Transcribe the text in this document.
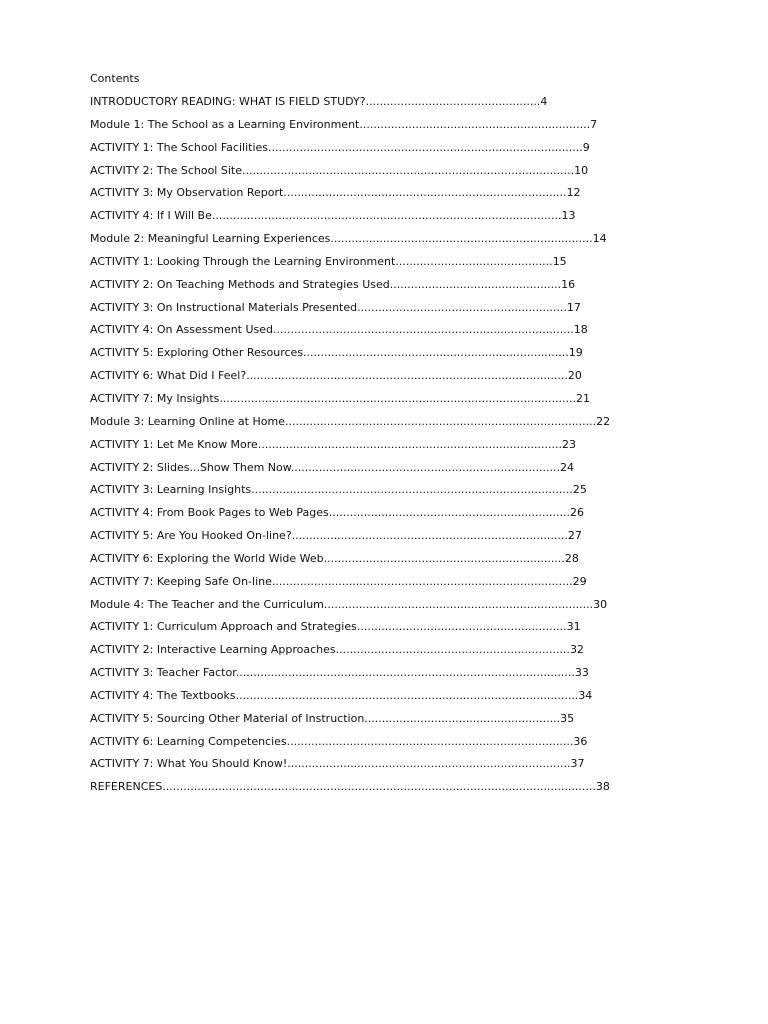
Contents
INTRODUCTORY READING: WHAT IS FIELD STUDY?..................................................4
Module 1: The School as a Learning Environment..................................................................7
ACTIVITY 1: The School Facilities..........................................................................................9
ACTIVITY 2: The School Site...............................................................................................10
ACTIVITY 3: My Observation Report.................................................................................12
ACTIVITY 4: If I Will Be....................................................................................................13
Module 2: Meaningful Learning Experiences...........................................................................14
ACTIVITY 1: Looking Through the Learning Environment.............................................15
ACTIVITY 2: On Teaching Methods and Strategies Used.................................................16
ACTIVITY 3: On Instructional Materials Presented............................................................17
ACTIVITY 4: On Assessment Used......................................................................................18
ACTIVITY 5: Exploring Other Resources............................................................................19
ACTIVITY 6: What Did I Feel?............................................................................................20
ACTIVITY 7: My Insights......................................................................................................21
Module 3: Learning Online at Home.........................................................................................22
ACTIVITY 1: Let Me Know More.......................................................................................23
ACTIVITY 2: Slides...Show Them Now.............................................................................24
ACTIVITY 3: Learning Insights............................................................................................25
ACTIVITY 4: From Book Pages to Web Pages.....................................................................26
ACTIVITY 5: Are You Hooked On-line?...............................................................................27
ACTIVITY 6: Exploring the World Wide Web.....................................................................28
ACTIVITY 7: Keeping Safe On-line......................................................................................29
Module 4: The Teacher and the Curriculum.............................................................................30
ACTIVITY 1: Curriculum Approach and Strategies............................................................31
ACTIVITY 2: Interactive Learning Approaches...................................................................32
ACTIVITY 3: Teacher Factor.................................................................................................33
ACTIVITY 4: The Textbooks..................................................................................................34
ACTIVITY 5: Sourcing Other Material of Instruction........................................................35
ACTIVITY 6: Learning Competencies..................................................................................36
ACTIVITY 7: What You Should Know!.................................................................................37
REFERENCES............................................................................................................................38
